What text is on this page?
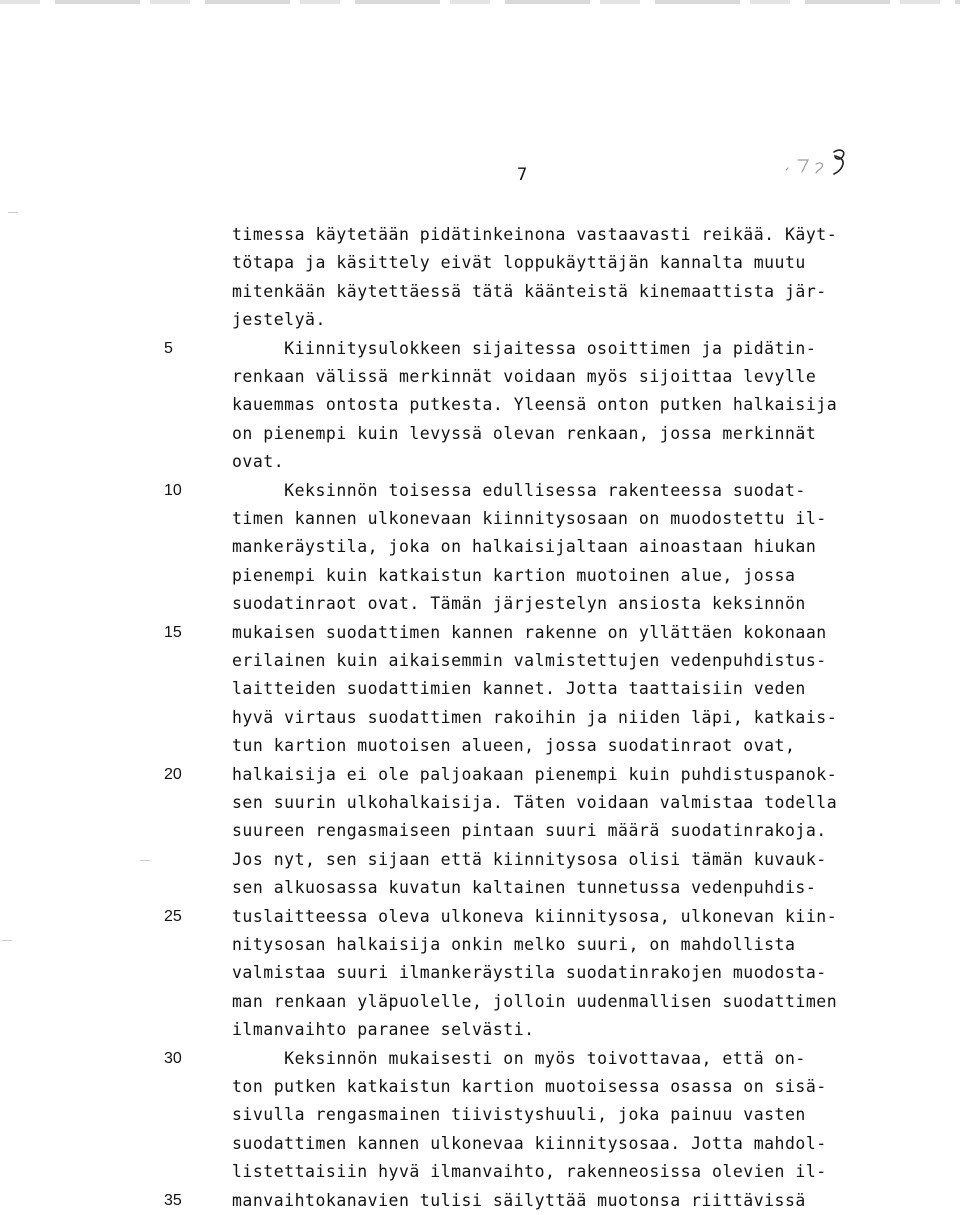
7
5
10
15
20
25
30
35
timessa käytetään pidätinkeinona vastaavasti reikää. Käyt-
tötapa ja käsittely eivät loppukäyttäjän kannalta muutu
mitenkään käytettäessä tätä käänteistä kinemaattista jär-
jestelyä.
Kiinnitysulokkeen sijaitessa osoittimen ja pidätin-
renkaan välissä merkinnät voidaan myös sijoittaa levylle
kauemmas ontosta putkesta. Yleensä onton putken halkaisija
on pienempi kuin levyssä olevan renkaan, jossa merkinnät
ovat.
Keksinnön toisessa edullisessa rakenteessa suodat-
timen kannen ulkonevaan kiinnitysosaan on muodostettu il-
mankeräystila, joka on halkaisijaltaan ainoastaan hiukan
pienempi kuin katkaistun kartion muotoinen alue, jossa
suodatinraot ovat. Tämän järjestelyn ansiosta keksinnön
mukaisen suodattimen kannen rakenne on yllättäen kokonaan
erilainen kuin aikaisemmin valmistettujen vedenpuhdistus-
laitteiden suodattimien kannet. Jotta taattaisiin veden
hyvä virtaus suodattimen rakoihin ja niiden läpi, katkais-
tun kartion muotoisen alueen, jossa suodatinraot ovat,
halkaisija ei ole paljoakaan pienempi kuin puhdistuspanok-
sen suurin ulkohalkaisija. Täten voidaan valmistaa todella
suureen rengasmaiseen pintaan suuri määrä suodatinrakoja.
Jos nyt, sen sijaan että kiinnitysosa olisi tämän kuvauk-
sen alkuosassa kuvatun kaltainen tunnetussa vedenpuhdis-
tuslaitteessa oleva ulkoneva kiinnitysosa, ulkonevan kiin-
nitysosan halkaisija onkin melko suuri, on mahdollista
valmistaa suuri ilmankeräystila suodatinrakojen muodosta-
man renkaan yläpuolelle, jolloin uudenmallisen suodattimen
ilmanvaihto paranee selvästi.
Keksinnön mukaisesti on myös toivottavaa, että on-
ton putken katkaistun kartion muotoisessa osassa on sisä-
sivulla rengasmainen tiivistyshuuli, joka painuu vasten
suodattimen kannen ulkonevaa kiinnitysosaa. Jotta mahdol-
listettaisiin hyvä ilmanvaihto, rakenneosissa olevien il-
manvaihtokanavien tulisi säilyttää muotonsa riittävissä
